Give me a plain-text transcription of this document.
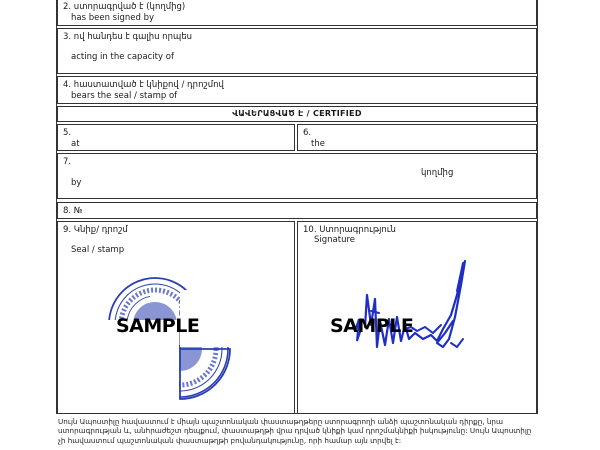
2. ստորագրված է (կողմից)
has been signed by
3. ով հանդես է գալիս որպես
acting in the capacity of
4. հաստատված է կնիքով / դրոշմով
bears the seal / stamp of
ՎԱՎԵՐԱՑՎԱԾ Է / CERTIFIED
5.
at
6.
the
7.
կողմից
by
8. №
9. Կնիք/ դրոշմ
Seal / stamp
10. Ստորագրություն
Signature
SAMPLE	SAMPLE
Սույն Ապոստիլը հավաստում է միայն պաշտոնական փաստաթղթերը ստորագրողի անձի պաշտոնական դիրքը, նրա ստորագրության և, անհրաժեշտ դեպքում, փաստաթղթի վրա դրված կնիքի կամ դրոշմակնիքի իսկությունը: Սույն Ապոստիլը չի հավաստում պաշտոնական փաստաթղթի բովանդակությունը, որի համար այն տրվել է:
